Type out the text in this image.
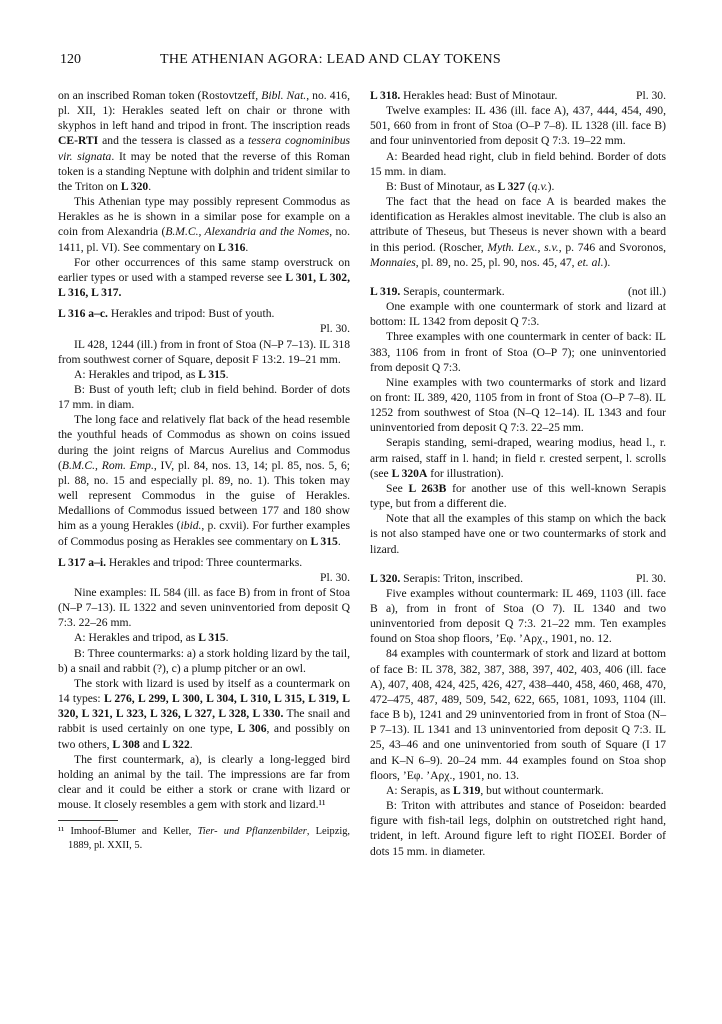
120	THE ATHENIAN AGORA: LEAD AND CLAY TOKENS

on an inscribed Roman token (Rostovtzeff, Bibl. Nat., no. 416, pl. XII, 1): Herakles seated left on chair or throne with skyphos in left hand and tripod in front. The inscription reads CE-RTI and the tessera is classed as a tessera cognominibus vir. signata. It may be noted that the reverse of this Roman token is a standing Neptune with dolphin and trident similar to the Triton on L 320.

This Athenian type may possibly represent Commodus as Herakles as he is shown in a similar pose for example on a coin from Alexandria (B.M.C., Alexandria and the Nomes, no. 1411, pl. VI). See commentary on L 316.

For other occurrences of this same stamp overstruck on earlier types or used with a stamped reverse see L 301, L 302, L 316, L 317.

L 316 a–c. Herakles and tripod: Bust of youth.
Pl. 30.

IL 428, 1244 (ill.) from in front of Stoa (N–P 7–13). IL 318 from southwest corner of Square, deposit F 13:2. 19–21 mm.

A: Herakles and tripod, as L 315.

B: Bust of youth left; club in field behind. Border of dots 17 mm. in diam.

The long face and relatively flat back of the head resemble the youthful heads of Commodus as shown on coins issued during the joint reigns of Marcus Aurelius and Commodus (B.M.C., Rom. Emp., IV, pl. 84, nos. 13, 14; pl. 85, nos. 5, 6; pl. 88, no. 15 and especially pl. 89, no. 1). This token may well represent Commodus in the guise of Herakles. Medallions of Commodus issued between 177 and 180 show him as a young Herakles (ibid., p. cxvii). For further examples of Commodus posing as Herakles see commentary on L 315.

L 317 a–i. Herakles and tripod: Three countermarks.
Pl. 30.

Nine examples: IL 584 (ill. as face B) from in front of Stoa (N–P 7–13). IL 1322 and seven uninventoried from deposit Q 7:3. 22–26 mm.

A: Herakles and tripod, as L 315.

B: Three countermarks: a) a stork holding lizard by the tail, b) a snail and rabbit (?), c) a plump pitcher or an owl.

The stork with lizard is used by itself as a countermark on 14 types: L 276, L 299, L 300, L 304, L 310, L 315, L 319, L 320, L 321, L 323, L 326, L 327, L 328, L 330. The snail and rabbit is used certainly on one type, L 306, and possibly on two others, L 308 and L 322.

The first countermark, a), is clearly a long-legged bird holding an animal by the tail. The impressions are far from clear and it could be either a stork or crane with lizard or mouse. It closely resembles a gem with stork and lizard.¹¹

¹¹ Imhoof-Blumer and Keller, Tier- und Pflanzenbilder, Leipzig, 1889, pl. XXII, 5.

L 318. Herakles head: Bust of Minotaur.	Pl. 30.

Twelve examples: IL 436 (ill. face A), 437, 444, 454, 490, 501, 660 from in front of Stoa (O–P 7–8). IL 1328 (ill. face B) and four uninventoried from deposit Q 7:3. 19–22 mm.

A: Bearded head right, club in field behind. Border of dots 15 mm. in diam.

B: Bust of Minotaur, as L 327 (q.v.).

The fact that the head on face A is bearded makes the identification as Herakles almost inevitable. The club is also an attribute of Theseus, but Theseus is never shown with a beard in this period. (Roscher, Myth. Lex., s.v., p. 746 and Svoronos, Monnaies, pl. 89, no. 25, pl. 90, nos. 45, 47, et. al.).

L 319. Serapis, countermark.	(not ill.)

One example with one countermark of stork and lizard at bottom: IL 1342 from deposit Q 7:3.

Three examples with one countermark in center of back: IL 383, 1106 from in front of Stoa (O–P 7); one uninventoried from deposit Q 7:3.

Nine examples with two countermarks of stork and lizard on front: IL 389, 420, 1105 from in front of Stoa (O–P 7–8). IL 1252 from southwest of Stoa (N–Q 12–14). IL 1343 and four uninventoried from deposit Q 7:3. 22–25 mm.

Serapis standing, semi-draped, wearing modius, head l., r. arm raised, staff in l. hand; in field r. crested serpent, l. scrolls (see L 320A for illustration).

See L 263B for another use of this well-known Serapis type, but from a different die.

Note that all the examples of this stamp on which the back is not also stamped have one or two countermarks of stork and lizard.

L 320. Serapis: Triton, inscribed.	Pl. 30.

Five examples without countermark: IL 469, 1103 (ill. face B a), from in front of Stoa (O 7). IL 1340 and two uninventoried from deposit Q 7:3. 21–22 mm. Ten examples found on Stoa shop floors, ’Εφ. ’Αρχ., 1901, no. 12.

84 examples with countermark of stork and lizard at bottom of face B: IL 378, 382, 387, 388, 397, 402, 403, 406 (ill. face A), 407, 408, 424, 425, 426, 427, 438–440, 458, 460, 468, 470, 472–475, 487, 489, 509, 542, 622, 665, 1081, 1093, 1104 (ill. face B b), 1241 and 29 uninventoried from in front of Stoa (N–P 7–13). IL 1341 and 13 uninventoried from deposit Q 7:3. IL 25, 43–46 and one uninventoried from south of Square (I 17 and K–N 6–9). 20–24 mm. 44 examples found on Stoa shop floors, ’Εφ. ’Αρχ., 1901, no. 13.

A: Serapis, as L 319, but without countermark.

B: Triton with attributes and stance of Poseidon: bearded figure with fish-tail legs, dolphin on outstretched right hand, trident, in left. Around figure left to right ΠΟΣΕΙ. Border of dots 15 mm. in diameter.
